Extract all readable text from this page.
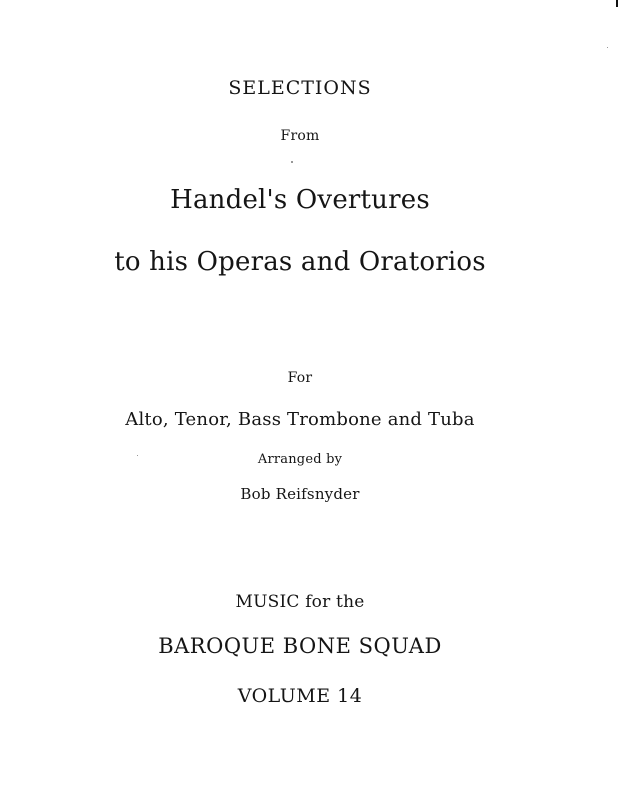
SELECTIONS
From
Handel's Overtures
to his Operas and Oratorios
For
Alto, Tenor, Bass Trombone and Tuba
Arranged by
Bob Reifsnyder
MUSIC for the
BAROQUE BONE SQUAD
VOLUME 14
